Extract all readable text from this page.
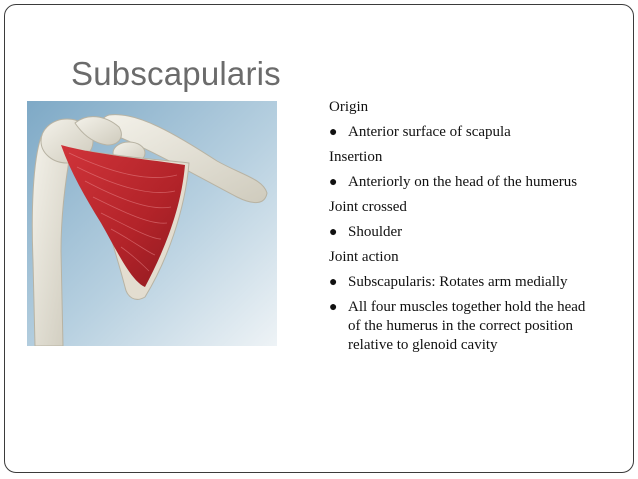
Subscapularis
Origin
● Anterior surface of scapula
Insertion
● Anteriorly on the head of the humerus
Joint crossed
● Shoulder
Joint action
● Subscapularis: Rotates arm medially
● All four muscles together hold the head of the humerus in the correct position relative to glenoid cavity
